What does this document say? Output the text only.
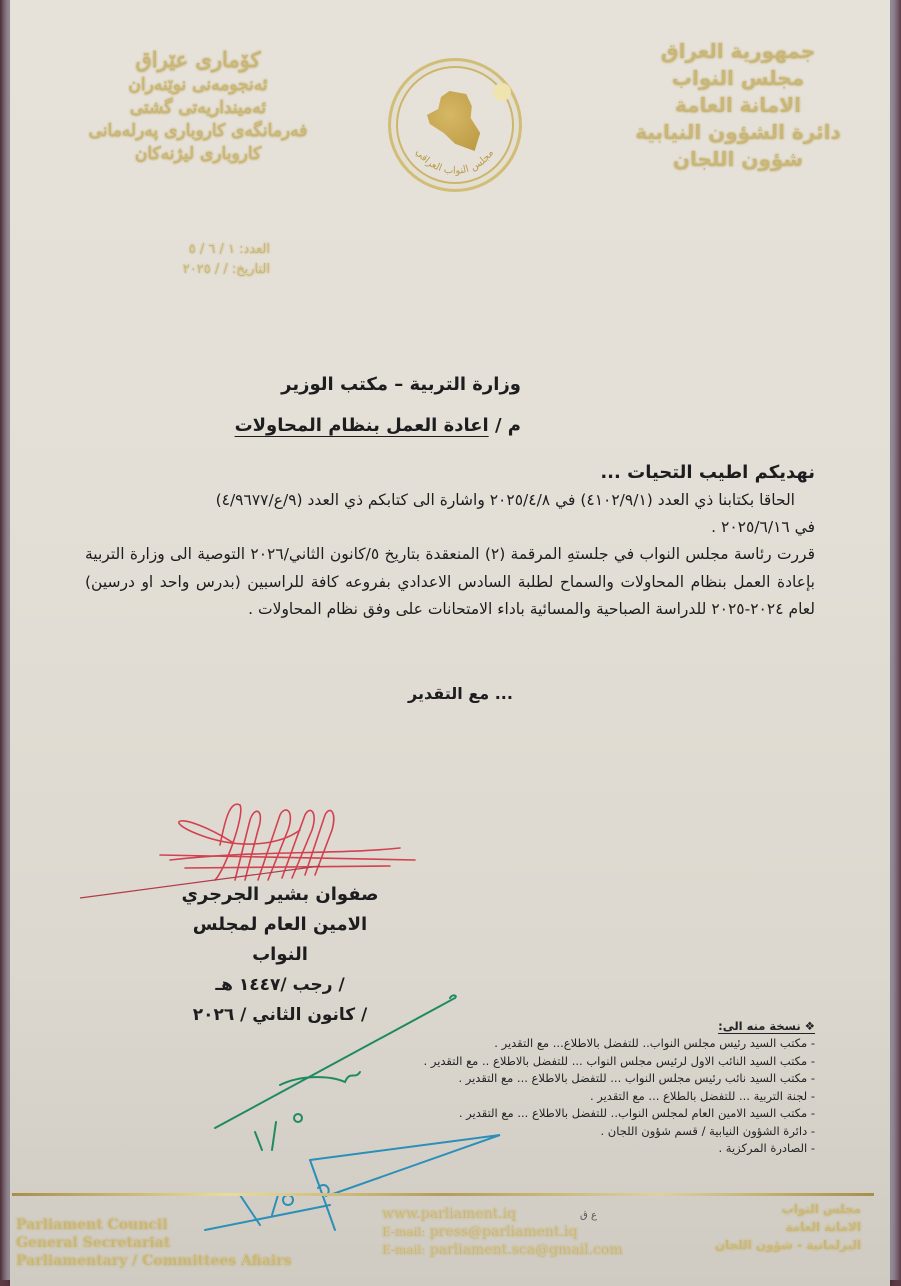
جمهورية العراق
مجلس النواب
الامانة العامة
دائرة الشؤون النيابية
شؤون اللجان
كۆماری عێراق
ئەنجومەنی نوێنەران
ئەمینداریەتی گشتی
فەرمانگەی كاروباری پەرلەمانی
كاروباری لیژنەكان
العدد: ١ / ٦ / ٥
التاريخ: / / ٢٠٢٥
مجلس النواب العراقي
وزارة التربية – مكتب الوزير
م / اعادة العمل بنظام المحاولات
نهديكم اطيب التحيات ...
الحاقا بكتابنا ذي العدد (٤١٠٢/٩/١) في ٢٠٢٥/٤/٨ واشارة الى كتابكم ذي العدد (٩/ع/٤/٩٦٧٧)
في ٢٠٢٥/٦/١٦ .
قررت رئاسة مجلس النواب في جلستهِ المرقمة (٢) المنعقدة بتاريخ ٥/كانون الثاني/٢٠٢٦ التوصية الى وزارة التربية بإعادة العمل بنظام المحاولات والسماح لطلبة السادس الاعدادي بفروعه كافة للراسبين (بدرس واحد او درسين) لعام ٢٠٢٤-٢٠٢٥ للدراسة الصباحية والمسائية باداء الامتحانات على وفق نظام المحاولات .
... مع التقدير
صفوان بشير الجرجري
الامين العام لمجلس النواب
/ رجب /١٤٤٧ هـ
/ كانون الثاني / ٢٠٢٦
❖ نسخة منه الى:
- مكتب السيد رئيس مجلس النواب.. للتفضل بالاطلاع... مع التقدير .
- مكتب السيد النائب الاول لرئيس مجلس النواب ... للتفضل بالاطلاع .. مع التقدير .
- مكتب السيد نائب رئيس مجلس النواب ... للتفضل بالاطلاع ... مع التقدير .
- لجنة التربية ... للتفضل بالطلاع ... مع التقدير .
- مكتب السيد الامين العام لمجلس النواب.. للتفضل بالاطلاع ... مع التقدير .
- دائرة الشؤون النيابية / قسم شؤون اللجان .
- الصادرة المركزية .
Parliament Council
General Secretariat
Parliamentary / Committees Afiairs
www.parliament.iq
E-mail: press@parliament.iq
E-mail: parliament.sca@gmail.com
ع ق	مجلس النواب
الامانة العامة
البرلمانية - شؤون اللجان
